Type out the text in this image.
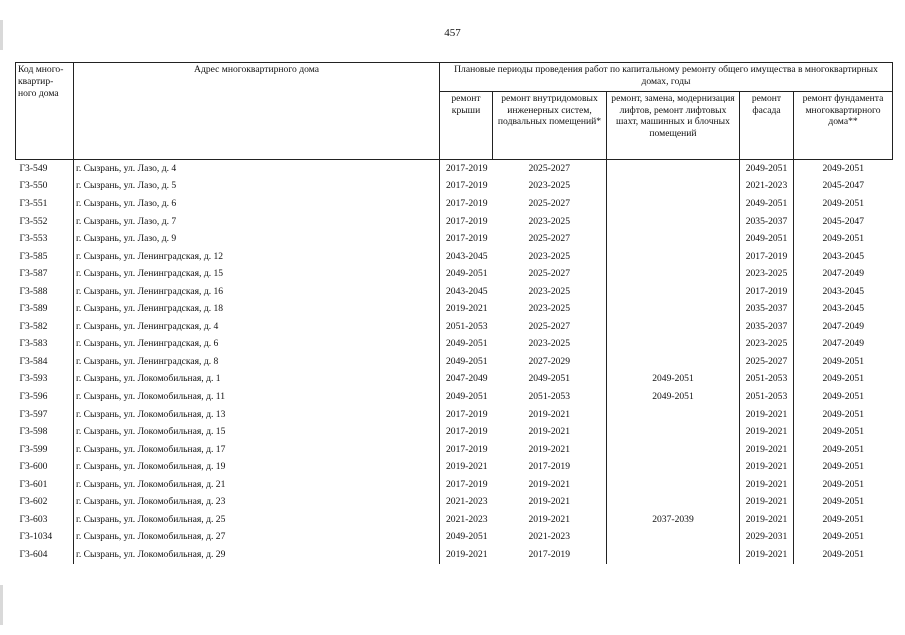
457
Код много-квартир-ного дома	Адрес многоквартирного дома	Плановые периоды проведения работ по капитальному ремонту общего имущества в многоквартирных домах, годы				
		ремонт крыши	ремонт внутридомовых инженерных систем, подвальных помещений*	ремонт, замена, модернизация лифтов, ремонт лифтовых шахт, машинных и блочных помещений	ремонт фасада	ремонт фундамента многоквартирного дома**
Г3-549	г. Сызрань, ул. Лазо, д. 4	2017-2019	2025-2027		2049-2051	2049-2051
Г3-550	г. Сызрань, ул. Лазо, д. 5	2017-2019	2023-2025		2021-2023	2045-2047
Г3-551	г. Сызрань, ул. Лазо, д. 6	2017-2019	2025-2027		2049-2051	2049-2051
Г3-552	г. Сызрань, ул. Лазо, д. 7	2017-2019	2023-2025		2035-2037	2045-2047
Г3-553	г. Сызрань, ул. Лазо, д. 9	2017-2019	2025-2027		2049-2051	2049-2051
Г3-585	г. Сызрань, ул. Ленинградская, д. 12	2043-2045	2023-2025		2017-2019	2043-2045
Г3-587	г. Сызрань, ул. Ленинградская, д. 15	2049-2051	2025-2027		2023-2025	2047-2049
Г3-588	г. Сызрань, ул. Ленинградская, д. 16	2043-2045	2023-2025		2017-2019	2043-2045
Г3-589	г. Сызрань, ул. Ленинградская, д. 18	2019-2021	2023-2025		2035-2037	2043-2045
Г3-582	г. Сызрань, ул. Ленинградская, д. 4	2051-2053	2025-2027		2035-2037	2047-2049
Г3-583	г. Сызрань, ул. Ленинградская, д. 6	2049-2051	2023-2025		2023-2025	2047-2049
Г3-584	г. Сызрань, ул. Ленинградская, д. 8	2049-2051	2027-2029		2025-2027	2049-2051
Г3-593	г. Сызрань, ул. Локомобильная, д. 1	2047-2049	2049-2051	2049-2051	2051-2053	2049-2051
Г3-596	г. Сызрань, ул. Локомобильная, д. 11	2049-2051	2051-2053	2049-2051	2051-2053	2049-2051
Г3-597	г. Сызрань, ул. Локомобильная, д. 13	2017-2019	2019-2021		2019-2021	2049-2051
Г3-598	г. Сызрань, ул. Локомобильная, д. 15	2017-2019	2019-2021		2019-2021	2049-2051
Г3-599	г. Сызрань, ул. Локомобильная, д. 17	2017-2019	2019-2021		2019-2021	2049-2051
Г3-600	г. Сызрань, ул. Локомобильная, д. 19	2019-2021	2017-2019		2019-2021	2049-2051
Г3-601	г. Сызрань, ул. Локомобильная, д. 21	2017-2019	2019-2021		2019-2021	2049-2051
Г3-602	г. Сызрань, ул. Локомобильная, д. 23	2021-2023	2019-2021		2019-2021	2049-2051
Г3-603	г. Сызрань, ул. Локомобильная, д. 25	2021-2023	2019-2021	2037-2039	2019-2021	2049-2051
Г3-1034	г. Сызрань, ул. Локомобильная, д. 27	2049-2051	2021-2023		2029-2031	2049-2051
Г3-604	г. Сызрань, ул. Локомобильная, д. 29	2019-2021	2017-2019		2019-2021	2049-2051
